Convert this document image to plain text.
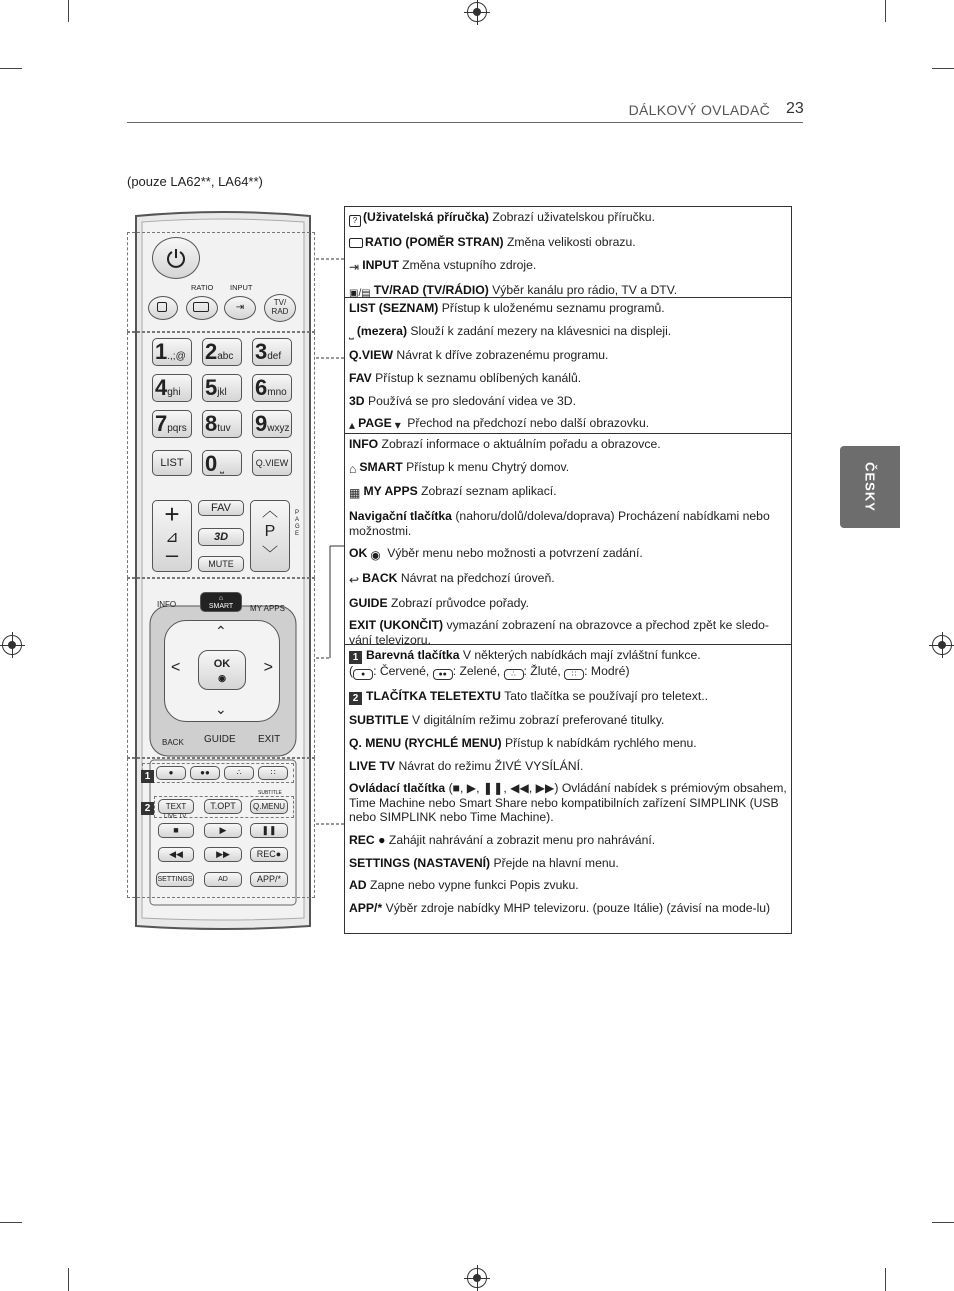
DÁLKOVÝ OVLADAČ 23
(pouze LA62**, LA64**)
ČESKY
RATIO INPUT
⇥	TV/
RAD
1.,;@ 2abc 3def
4ghi	5jkl	6mno
7pqrs 8tuv	9wxyz
LIST 0 ⎵	Q.VIEW
+
⊿
–
FAV
3D
MUTE
︿
P
﹀
PAGE
INFO
⌂
SMART	MY APPS
⌃
⌄
<	>
OK
◉
BACK GUIDE EXIT
1	●	●●	∴	∷
2	TEXT	T.OPT
SUBTITLE
Q.MENU
LIVE TV
■	▶	❚❚
◀◀	▶▶	REC●
SETTINGS	AD	APP/*
? (Uživatelská příručka) Zobrazí uživatelskou příručku.
RATIO (POMĚR STRAN) Změna velikosti obrazu.
⇥ INPUT Změna vstupního zdroje.
▣/▤ TV/RAD (TV/RÁDIO) Výběr kanálu pro rádio, TV a DTV.
LIST (SEZNAM) Přístup k uloženému seznamu programů.
⎵ (mezera) Slouží k zadání mezery na klávesnici na displeji.
Q.VIEW Návrat k dříve zobrazenému programu.
FAV Přístup k seznamu oblíbených kanálů.
3D Používá se pro sledování videa ve 3D.
▴ PAGE ▾ Přechod na předchozí nebo další obrazovku.
INFO Zobrazí informace o aktuálním pořadu a obrazovce.
⌂ SMART Přístup k menu Chytrý domov.
▦ MY APPS Zobrazí seznam aplikací.
Navigační tlačítka (nahoru/dolů/doleva/doprava) Procházení nabídkami nebo možnostmi.
OK ◉ Výběr menu nebo možnosti a potvrzení zadání.
↩ BACK Návrat na předchozí úroveň.
GUIDE Zobrazí průvodce pořady.
EXIT (UKONČIT) vymazání zobrazení na obrazovce a přechod zpět ke sledo-vání televizoru.
1 Barevná tlačítka V některých nabídkách mají zvláštní funkce.
( ● : Červené, ●● : Zelené, ∴ : Žluté, ∷ : Modré)
2 TLAČÍTKA TELETEXTU Tato tlačítka se používají pro teletext..
SUBTITLE V digitálním režimu zobrazí preferované titulky.
Q. MENU (RYCHLÉ MENU) Přístup k nabídkám rychlého menu.
LIVE TV Návrat do režimu ŽIVÉ VYSÍLÁNÍ.
Ovládací tlačítka (■, ▶, ❚❚, ◀◀, ▶▶) Ovládání nabídek s prémiovým obsahem, Time Machine nebo Smart Share nebo kompatibilních zařízení SIMPLINK (USB nebo SIMPLINK nebo Time Machine).
REC ● Zahájit nahrávání a zobrazit menu pro nahrávání.
SETTINGS (NASTAVENÍ) Přejde na hlavní menu.
AD Zapne nebo vypne funkci Popis zvuku.
APP/* Výběr zdroje nabídky MHP televizoru. (pouze Itálie) (závisí na mode-lu)
